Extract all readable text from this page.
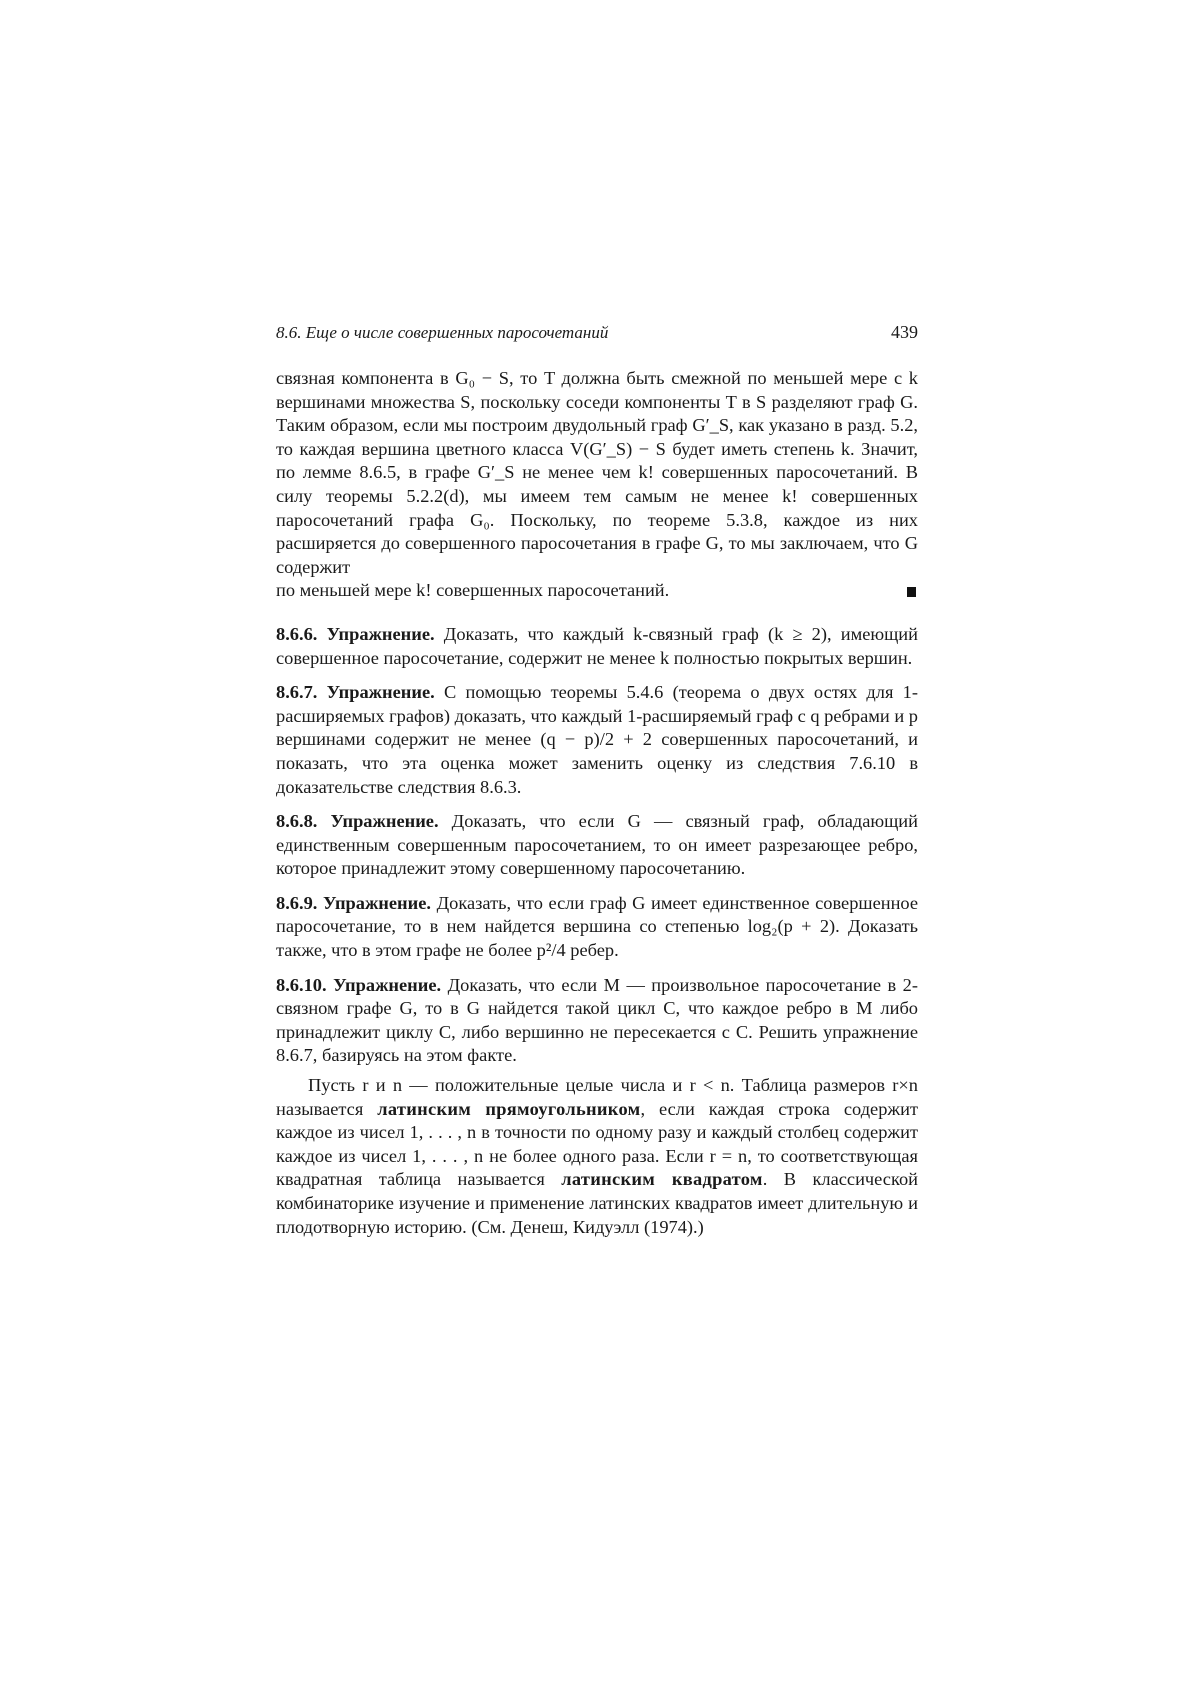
8.6. Еще о числе совершенных паросочетаний	439

связная компонента в G₀ − S, то T должна быть смежной по меньшей мере с k вершинами множества S, поскольку соседи компоненты T в S разделяют граф G. Таким образом, если мы построим двудольный граф G′_S, как указано в разд. 5.2, то каждая вершина цветного класса V(G′_S) − S будет иметь степень k. Значит, по лемме 8.6.5, в графе G′_S не менее чем k! совершенных паросочетаний. В силу теоремы 5.2.2(d), мы имеем тем самым не менее k! совершенных паросочетаний графа G₀. Поскольку, по теореме 5.3.8, каждое из них расширяется до совершенного паросочетания в графе G, то мы заключаем, что G содержит

по меньшей мере k! совершенных паросочетаний.

8.6.6. Упражнение. Доказать, что каждый k-связный граф (k ≥ 2), имеющий совершенное паросочетание, содержит не менее k полностью покрытых вершин.

8.6.7. Упражнение. С помощью теоремы 5.4.6 (теорема о двух остях для 1-расширяемых графов) доказать, что каждый 1-расширяемый граф с q ребрами и p вершинами содержит не менее (q − p)/2 + 2 совершенных паросочетаний, и показать, что эта оценка может заменить оценку из следствия 7.6.10 в доказательстве следствия 8.6.3.

8.6.8. Упражнение. Доказать, что если G — связный граф, обладающий единственным совершенным паросочетанием, то он имеет разрезающее ребро, которое принадлежит этому совершенному паросочетанию.

8.6.9. Упражнение. Доказать, что если граф G имеет единственное совершенное паросочетание, то в нем найдется вершина со степенью log₂(p + 2). Доказать также, что в этом графе не более p²/4 ребер.

8.6.10. Упражнение. Доказать, что если M — произвольное паросочетание в 2-связном графе G, то в G найдется такой цикл C, что каждое ребро в M либо принадлежит циклу C, либо вершинно не пересекается с C. Решить упражнение 8.6.7, базируясь на этом факте.

Пусть r и n — положительные целые числа и r < n. Таблица размеров r×n называется латинским прямоугольником, если каждая строка содержит каждое из чисел 1, . . . , n в точности по одному разу и каждый столбец содержит каждое из чисел 1, . . . , n не более одного раза. Если r = n, то соответствующая квадратная таблица называется латинским квадратом. В классической комбинаторике изучение и применение латинских квадратов имеет длительную и плодотворную историю. (См. Денеш, Кидуэлл (1974).)
